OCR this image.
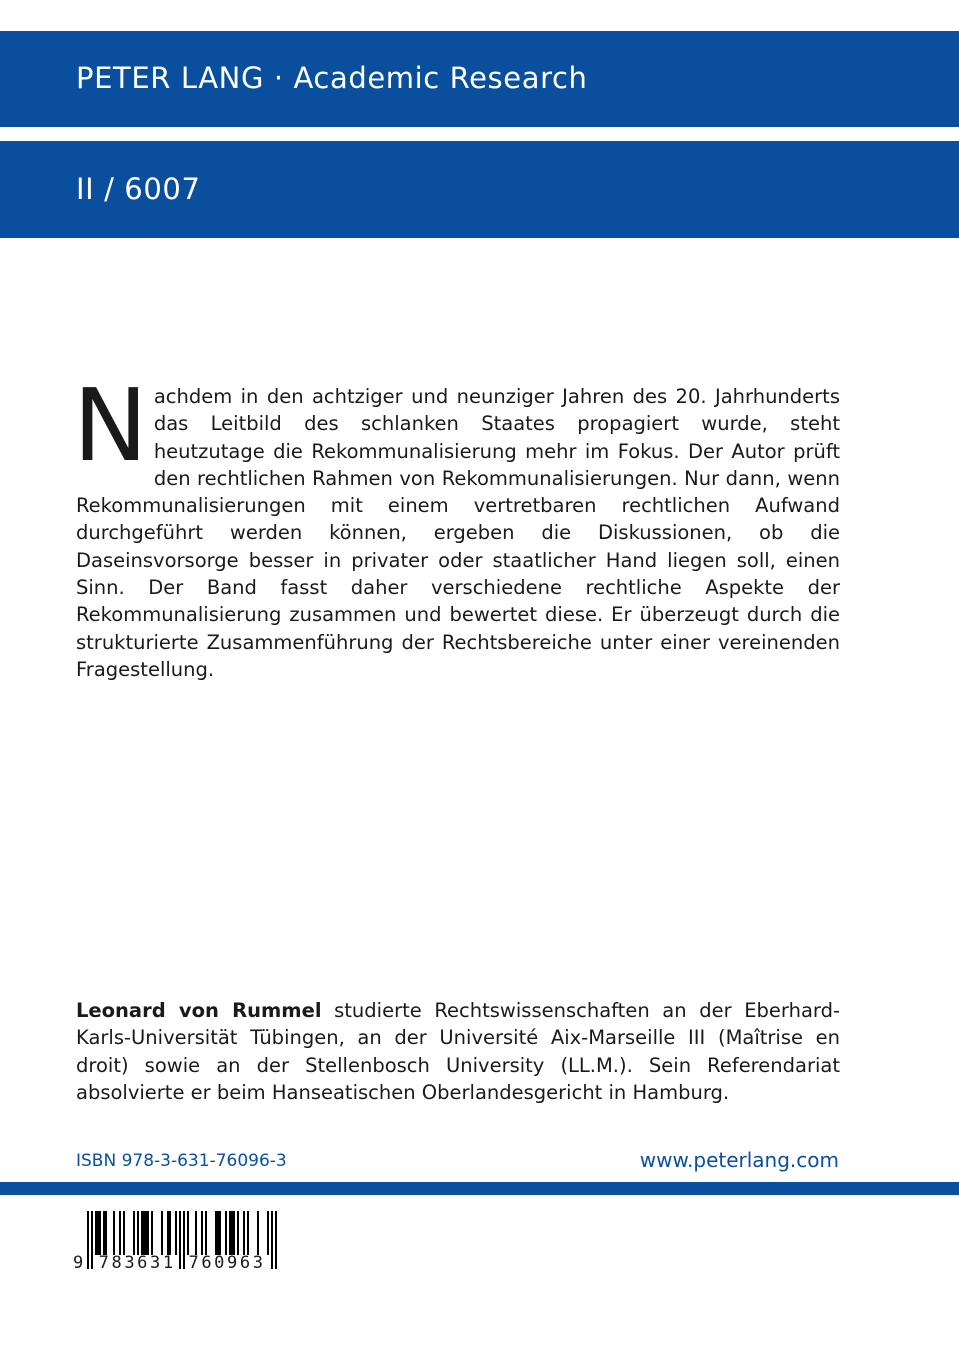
PETER LANG · Academic Research
II / 6007

Nachdem in den achtziger und neunziger Jahren des 20. Jahrhunderts das Leitbild des schlanken Staates propagiert wurde, steht heutzutage die Rekommunalisierung mehr im Fokus. Der Autor prüft den rechtlichen Rahmen von Rekommunalisierungen. Nur dann, wenn Rekommunalisierungen mit einem vertretbaren rechtlichen Aufwand durchgeführt werden können, ergeben die Diskussionen, ob die Daseinsvorsorge besser in privater oder staatlicher Hand liegen soll, einen Sinn. Der Band fasst daher verschiedene rechtliche Aspekte der Rekommunalisierung zusammen und bewertet diese. Er überzeugt durch die strukturierte Zusammenführung der Rechtsbereiche unter einer vereinenden Fragestellung.

Leonard von Rummel studierte Rechtswissenschaften an der Eberhard-Karls-Universität Tübingen, an der Université Aix-Marseille III (Maîtrise en droit) sowie an der Stellenbosch University (LL.M.). Sein Referendariat absolvierte er beim Hanseatischen Oberlandesgericht in Hamburg.

ISBN 978-3-631-76096-3	www.peterlang.com
9 783631 760963
